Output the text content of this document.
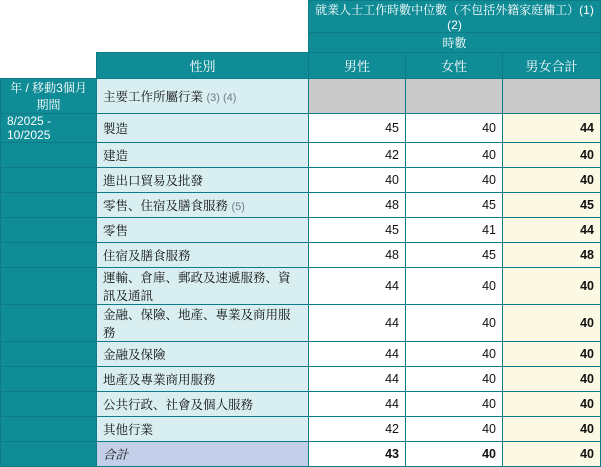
		就業人士工作時數中位數（不包括外籍家庭傭工）(1) (2)		
		時數		
	性別	男性	女性	男女合計
年 / 移動3個月期間	主要工作所屬行業 (3) (4)			
8/2025 - 10/2025	製造	45	40	44
	建造	42	40	40
	進出口貿易及批發	40	40	40
	零售、住宿及膳食服務 (5)	48	45	45
	零售	45	41	44
	住宿及膳食服務	48	45	48
	運輸、倉庫、郵政及速遞服務、資訊及通訊	44	40	40
	金融、保險、地產、專業及商用服務	44	40	40
	金融及保險	44	40	40
	地產及專業商用服務	44	40	40
	公共行政、社會及個人服務	44	40	40
	其他行業	42	40	40
	合計	43	40	40
